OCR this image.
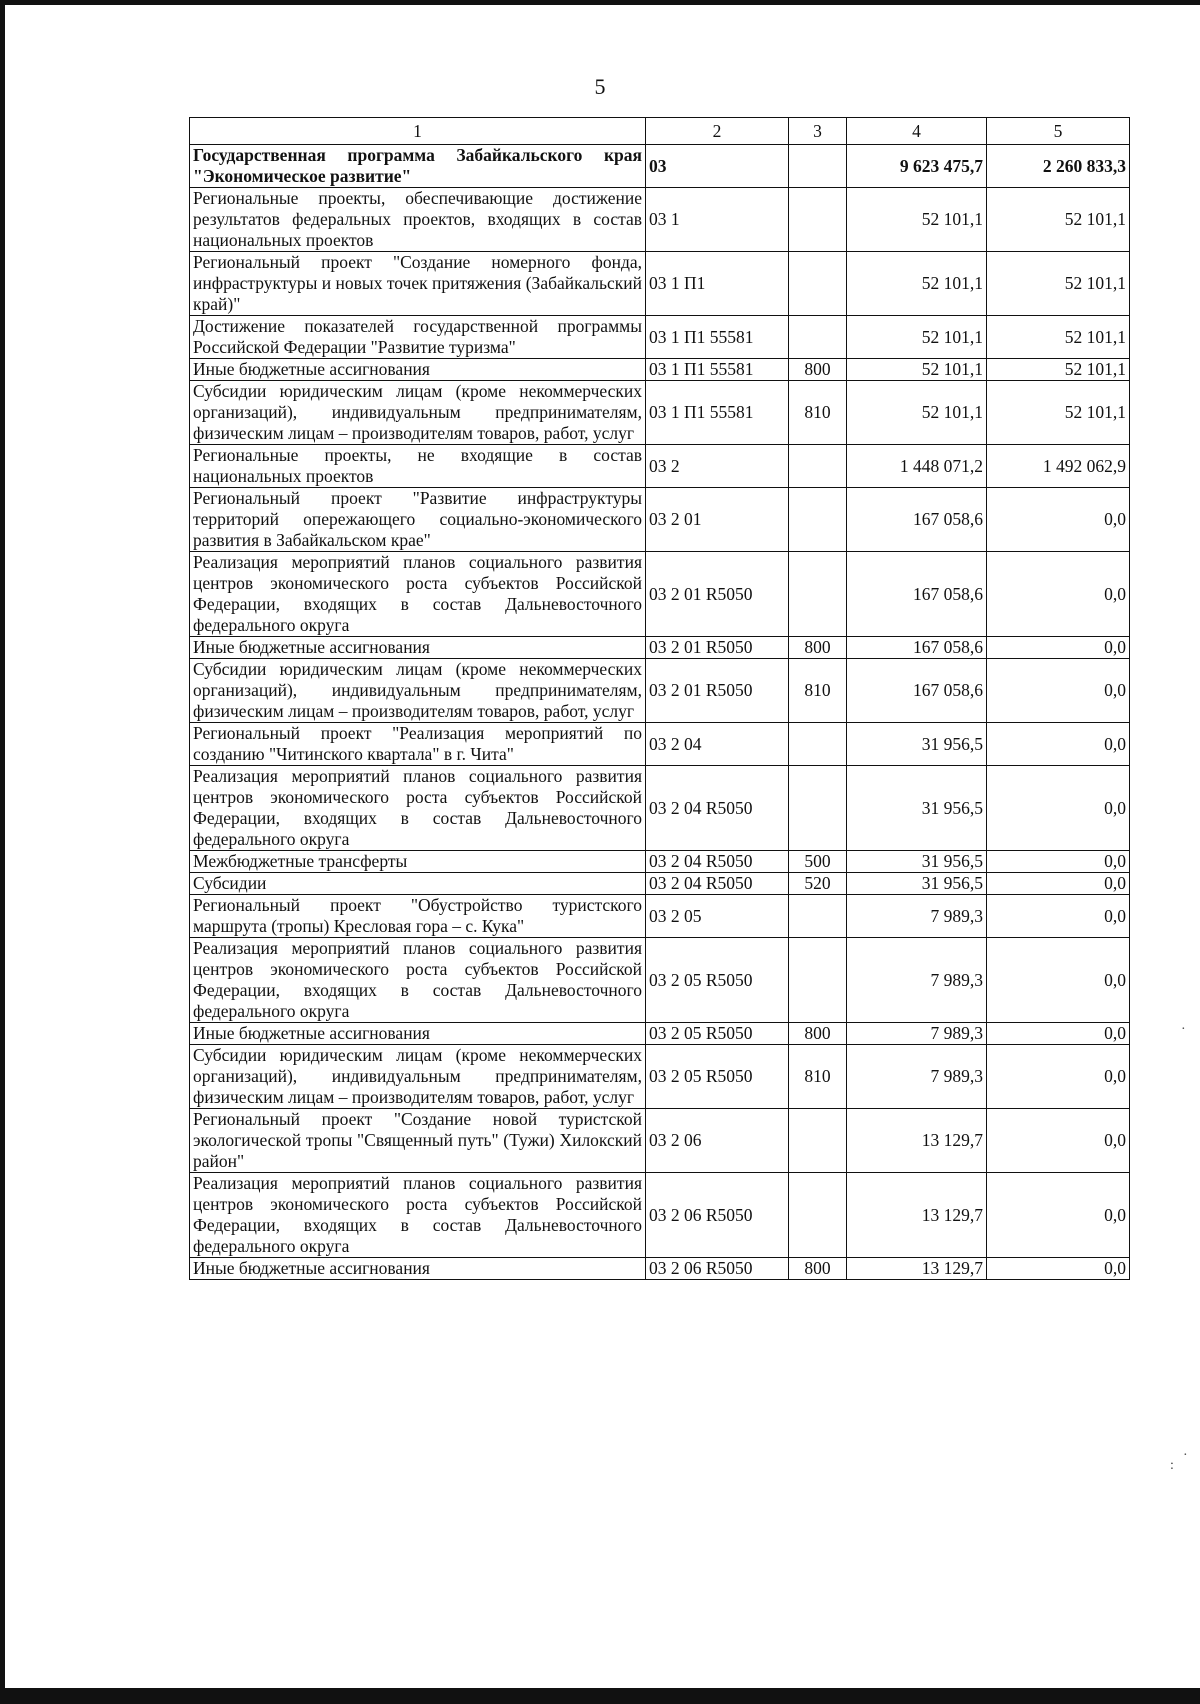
5
1	2	3	4	5
Государственная программа Забайкальского края "Экономическое развитие"	03		9 623 475,7	2 260 833,3
Региональные проекты, обеспечивающие достижение результатов федеральных проектов, входящих в состав национальных проектов	03 1		52 101,1	52 101,1
Региональный проект "Создание номерного фонда, инфраструктуры и новых точек притяжения (Забайкальский край)"	03 1 П1		52 101,1	52 101,1
Достижение показателей государственной программы Российской Федерации "Развитие туризма"	03 1 П1 55581		52 101,1	52 101,1
Иные бюджетные ассигнования	03 1 П1 55581	800	52 101,1	52 101,1
Субсидии юридическим лицам (кроме некоммерческих организаций), индивидуальным предпринимателям, физическим лицам – производителям товаров, работ, услуг	03 1 П1 55581	810	52 101,1	52 101,1
Региональные проекты, не входящие в состав национальных проектов	03 2		1 448 071,2	1 492 062,9
Региональный проект "Развитие инфраструктуры территорий опережающего социально-экономического развития в Забайкальском крае"	03 2 01		167 058,6	0,0
Реализация мероприятий планов социального развития центров экономического роста субъектов Российской Федерации, входящих в состав Дальневосточного федерального округа	03 2 01 R5050		167 058,6	0,0
Иные бюджетные ассигнования	03 2 01 R5050	800	167 058,6	0,0
Субсидии юридическим лицам (кроме некоммерческих организаций), индивидуальным предпринимателям, физическим лицам – производителям товаров, работ, услуг	03 2 01 R5050	810	167 058,6	0,0
Региональный проект "Реализация мероприятий по созданию "Читинского квартала" в г. Чита"	03 2 04		31 956,5	0,0
Реализация мероприятий планов социального развития центров экономического роста субъектов Российской Федерации, входящих в состав Дальневосточного федерального округа	03 2 04 R5050		31 956,5	0,0
Межбюджетные трансферты	03 2 04 R5050	500	31 956,5	0,0
Субсидии	03 2 04 R5050	520	31 956,5	0,0
Региональный проект "Обустройство туристского маршрута (тропы) Кресловая гора – с. Кука"	03 2 05		7 989,3	0,0
Реализация мероприятий планов социального развития центров экономического роста субъектов Российской Федерации, входящих в состав Дальневосточного федерального округа	03 2 05 R5050		7 989,3	0,0
Иные бюджетные ассигнования	03 2 05 R5050	800	7 989,3	0,0
Субсидии юридическим лицам (кроме некоммерческих организаций), индивидуальным предпринимателям, физическим лицам – производителям товаров, работ, услуг	03 2 05 R5050	810	7 989,3	0,0
Региональный проект "Создание новой туристской экологической тропы "Священный путь" (Тужи) Хилокский район"	03 2 06		13 129,7	0,0
Реализация мероприятий планов социального развития центров экономического роста субъектов Российской Федерации, входящих в состав Дальневосточного федерального округа	03 2 06 R5050		13 129,7	0,0
Иные бюджетные ассигнования	03 2 06 R5050	800	13 129,7	0,0
·
:
·
